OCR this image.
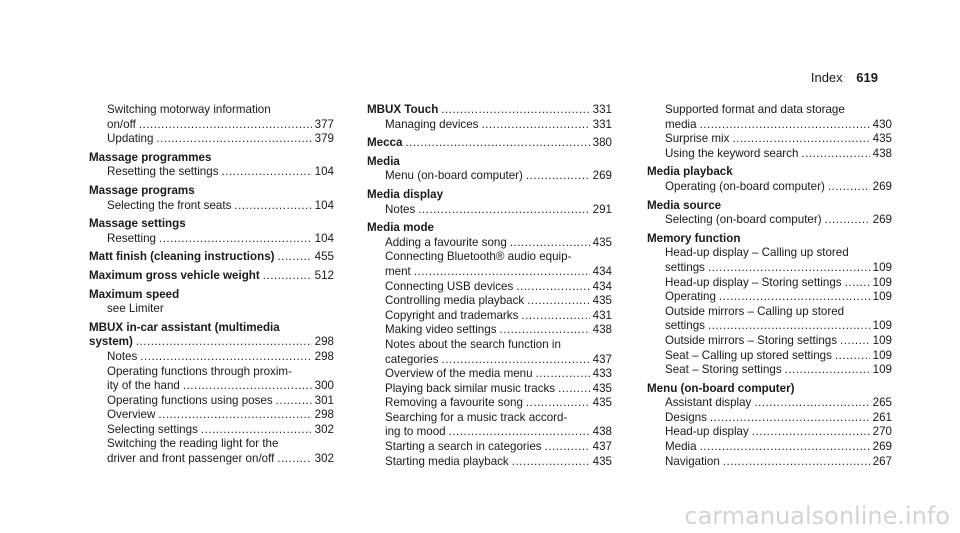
Index 619
Switching motorway information
on/off .....	377
Updating .....	379
Massage programmes
Resetting the settings .....	104
Massage programs
Selecting the front seats .....	104
Massage settings
Resetting .....	104
Matt finish (cleaning instructions) .....	455
Maximum gross vehicle weight .....	512
Maximum speed
see Limiter
MBUX in-car assistant (multimedia
system) .....	298
Notes .....	298
Operating functions through proxim-
ity of the hand .....	300
Operating functions using poses .....	301
Overview .....	298
Selecting settings .....	302
Switching the reading light for the
driver and front passenger on/off .....	302
MBUX Touch .....	331
Managing devices .....	331
Mecca .....	380
Media
Menu (on-board computer) .....	269
Media display
Notes .....	291
Media mode
Adding a favourite song .....	435
Connecting Bluetooth® audio equip-
ment .....	434
Connecting USB devices .....	434
Controlling media playback .....	435
Copyright and trademarks .....	431
Making video settings .....	438
Notes about the search function in
categories .....	437
Overview of the media menu .....	433
Playing back similar music tracks .....	435
Removing a favourite song .....	435
Searching for a music track accord-
ing to mood .....	438
Starting a search in categories .....	437
Starting media playback .....	435
Supported format and data storage
media .....	430
Surprise mix .....	435
Using the keyword search .....	438
Media playback
Operating (on-board computer) .....	269
Media source
Selecting (on-board computer) .....	269
Memory function
Head-up display – Calling up stored
settings .....	109
Head-up display – Storing settings .....	109
Operating .....	109
Outside mirrors – Calling up stored
settings .....	109
Outside mirrors – Storing settings .....	109
Seat – Calling up stored settings .....	109
Seat – Storing settings .....	109
Menu (on-board computer)
Assistant display .....	265
Designs .....	261
Head-up display .....	270
Media .....	269
Navigation .....	267
carmanualsonline.info
